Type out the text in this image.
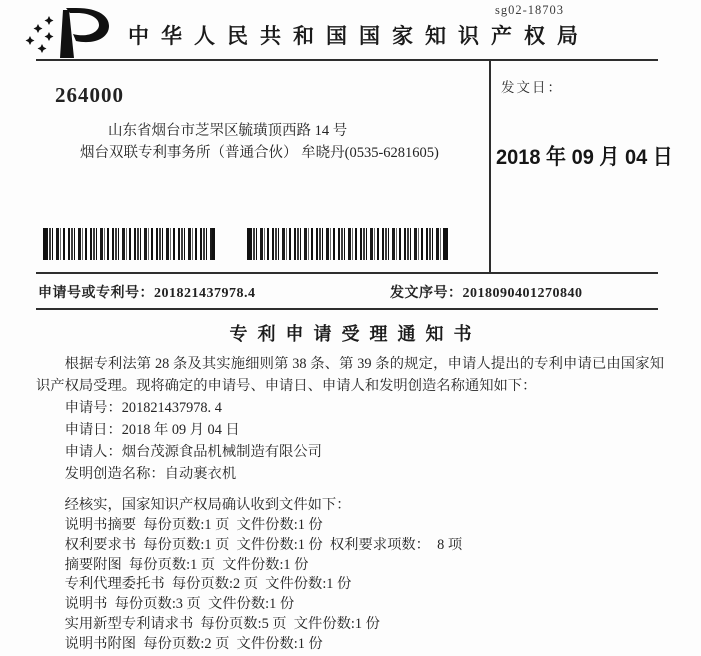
sg02-18703
中华人民共和国国家知识产权局
264000
山东省烟台市芝罘区毓璜顶西路 14 号
烟台双联专利事务所（普通合伙） 牟晓丹(0535-6281605)
发文日：
2018 年 09 月 04 日
申请号或专利号：201821437978.4	发文序号：2018090401270840
专利申请受理通知书
根据专利法第 28 条及其实施细则第 38 条、第 39 条的规定，申请人提出的专利申请已由国家知识产权局受理。现将确定的申请号、申请日、申请人和发明创造名称通知如下：
申请号：201821437978. 4
申请日：2018 年 09 月 04 日
申请人：烟台茂源食品机械制造有限公司
发明创造名称：自动裹衣机
经核实，国家知识产权局确认收到文件如下：
说明书摘要  每份页数:1 页  文件份数:1 份
权利要求书  每份页数:1 页  文件份数:1 份  权利要求项数：  8 项
摘要附图  每份页数:1 页  文件份数:1 份
专利代理委托书  每份页数:2 页  文件份数:1 份
说明书  每份页数:3 页  文件份数:1 份
实用新型专利请求书  每份页数:5 页  文件份数:1 份
说明书附图  每份页数:2 页  文件份数:1 份
